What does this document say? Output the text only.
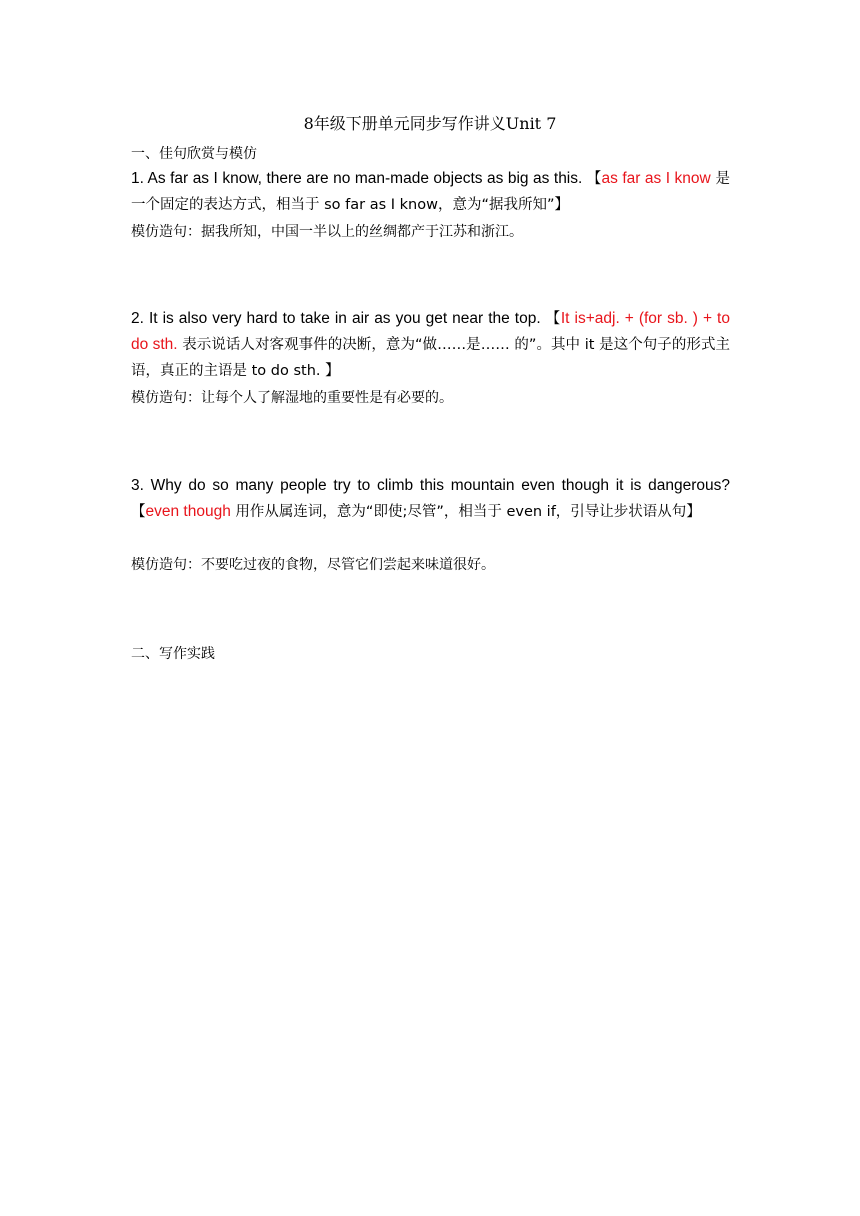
8年级下册单元同步写作讲义Unit 7
一、佳句欣赏与模仿
1. As far as I know, there are no man-made objects as big as this. 【as far as I know 是一个固定的表达方式，相当于 so far as I know，意为“据我所知”】
模仿造句：据我所知，中国一半以上的丝绸都产于江苏和浙江。
2. It is also very hard to take in air as you get near the top. 【It is+adj. + (for sb. ) + to do sth. 表示说话人对客观事件的决断，意为“做……是…… 的”。其中 it 是这个句子的形式主语，真正的主语是 to do sth. 】
模仿造句：让每个人了解湿地的重要性是有必要的。
3. Why do so many people try to climb this mountain even though it is dangerous?【even though 用作从属连词，意为“即使;尽管”，相当于 even if，引导让步状语从句】
模仿造句：不要吃过夜的食物，尽管它们尝起来味道很好。
二、写作实践
